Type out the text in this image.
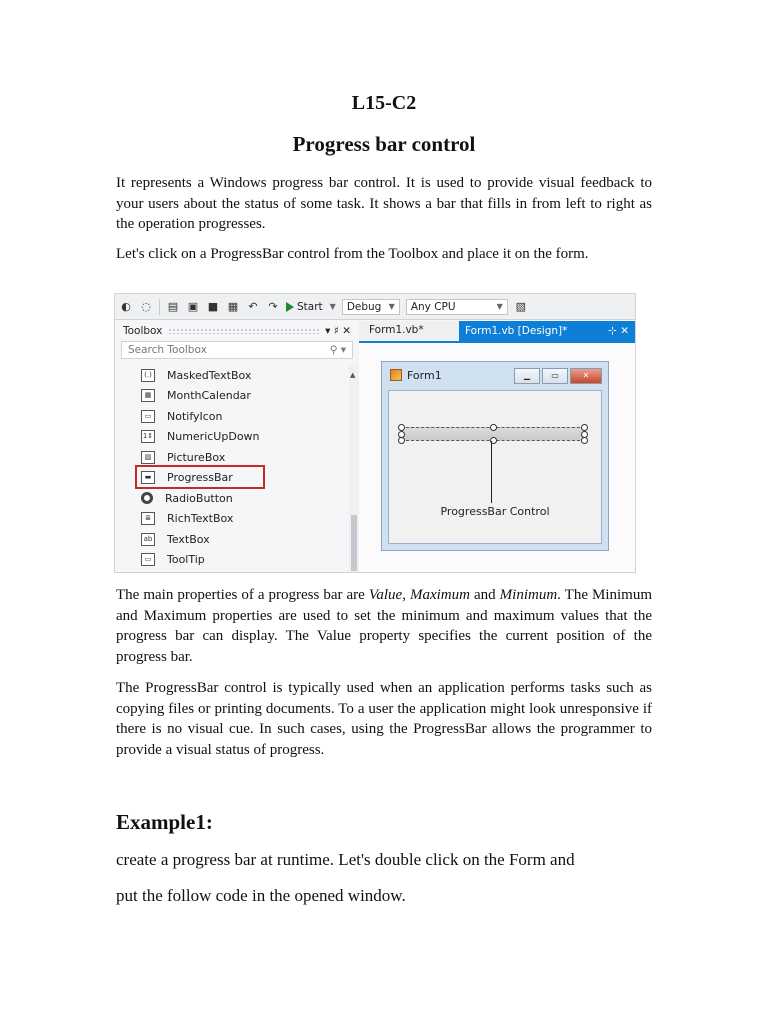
L15-C2
Progress bar control

It represents a Windows progress bar control. It is used to provide visual feedback to your users about the status of some task. It shows a bar that fills in from left to right as the operation progresses.

Let's click on a ProgressBar control from the Toolbox and place it on the form.

The main properties of a progress bar are Value, Maximum and Minimum. The Minimum and Maximum properties are used to set the minimum and maximum values that the progress bar can display. The Value property specifies the current position of the progress bar.

The ProgressBar control is typically used when an application performs tasks such as copying files or printing documents. To a user the application might look unresponsive if there is no visual cue. In such cases, using the ProgressBar allows the programmer to provide a visual status of progress.

Example1:
create a progress bar at runtime. Let's double click on the Form and
put the follow code in the opened window.
◐ ◌ ▤ ▣ ■ ▦ ↶ ↷ Start ▼ Debug ▼ Any CPU	▼ ▧
Toolbox	▾ ♯ ✕
Search Toolbox	⚲ ▾
(.) MaskedTextBox
▦	MonthCalendar
▭	NotifyIcon
1⇕ NumericUpDown
▨	PictureBox
▬	ProgressBar
RadioButton
≣	RichTextBox
ab TextBox
▭	ToolTip
▲
Form1.vb*	Form1.vb [Design]*	⊹ ✕
Form1	▁	▭	✕
ProgressBar Control
